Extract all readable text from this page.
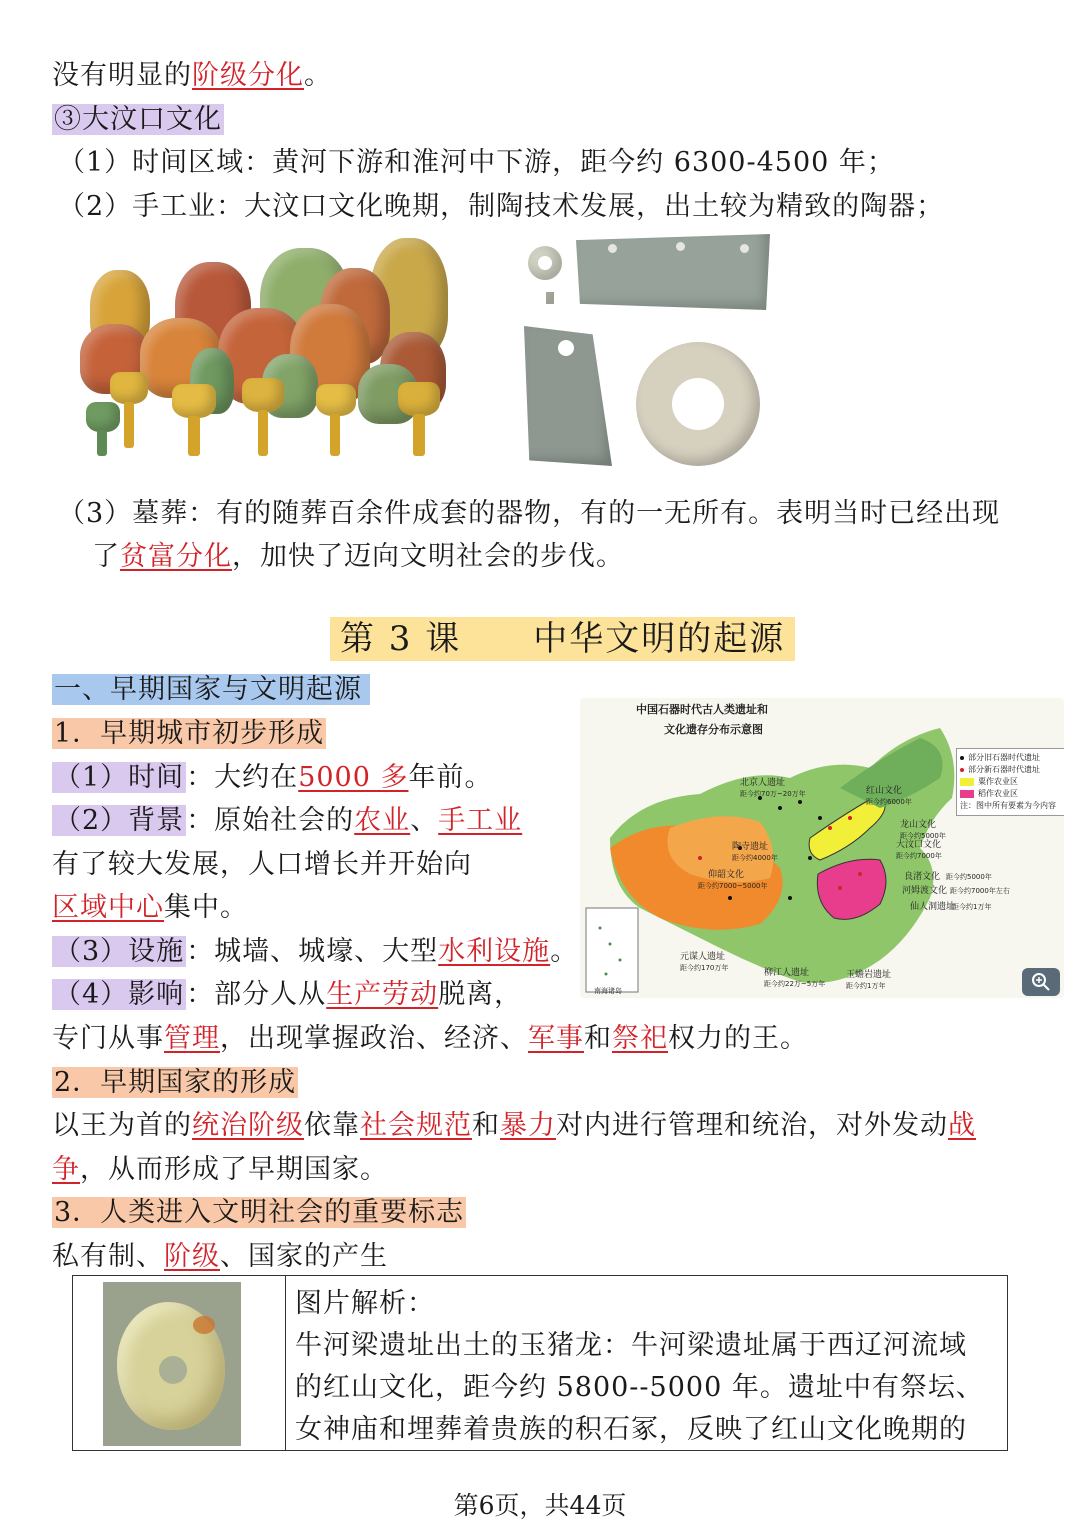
没有明显的阶级分化。
③大汶口文化
（1）时间区域：黄河下游和淮河中下游，距今约 6300-4500 年；
（2）手工业：大汶口文化晚期，制陶技术发展，出土较为精致的陶器；
（3）墓葬：有的随葬百余件成套的器物，有的一无所有。表明当时已经出现
了贫富分化，加快了迈向文明社会的步伐。
第 3 课　　中华文明的起源
一、早期国家与文明起源
1．早期城市初步形成
（1）时间：大约在5000 多年前。
（2）背景：原始社会的农业、手工业
有了较大发展，人口增长并开始向
区域中心集中。
（3）设施：城墙、城壕、大型水利设施。
（4）影响：部分人从生产劳动脱离，
专门从事管理，出现掌握政治、经济、军事和祭祀权力的王。
2．早期国家的形成
以王为首的统治阶级依靠社会规范和暴力对内进行管理和统治，对外发动战
争，从而形成了早期国家。
3．人类进入文明社会的重要标志
私有制、阶级、国家的产生
中国石器时代古人类遗址和
文化遗存分布示意图
部分旧石器时代遗址
部分新石器时代遗址
粟作农业区
稻作农业区
注：图中所有要素为今内容
北京人遗址
距今约70万~20万年	红山文化
距今约6000年
龙山文化
距今约5000年
大汶口文化
距今约7000年
陶寺遗址
距今约4000年
仰韶文化
距今约7000~5000年
良渚文化 距今约5000年
河姆渡文化 距今约7000年左右
仙人洞遗址
距今约1万年
元谋人遗址
距今约170万年	柳江人遗址
距今约22万~5万年
玉蟾岩遗址
距今约1万年
南海诸岛
图片解析：
牛河梁遗址出土的玉猪龙：牛河梁遗址属于西辽河流域
的红山文化，距今约 5800--5000 年。遗址中有祭坛、
女神庙和埋葬着贵族的积石冢，反映了红山文化晚期的
第6页，共44页
